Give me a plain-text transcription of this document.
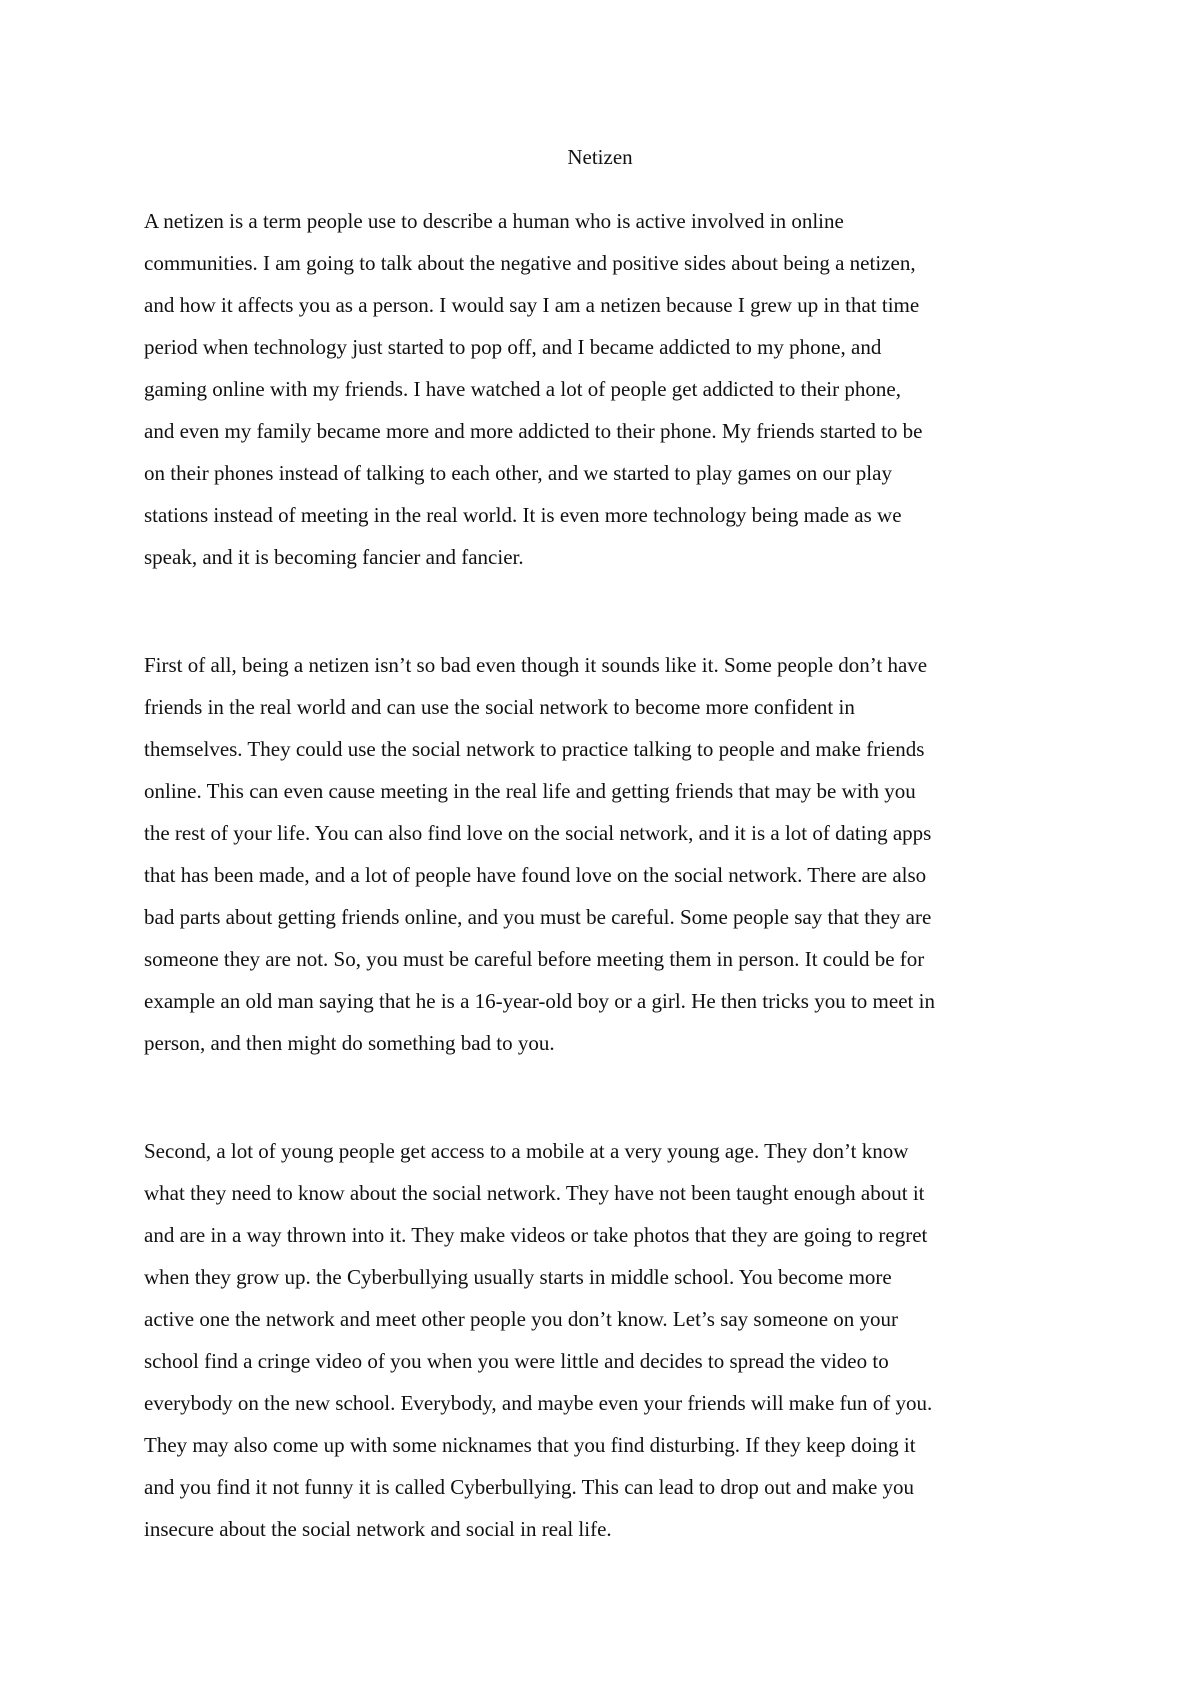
Netizen

A netizen is a term people use to describe a human who is active involved in online
communities. I am going to talk about the negative and positive sides about being a netizen,
and how it affects you as a person. I would say I am a netizen because I grew up in that time
period when technology just started to pop off, and I became addicted to my phone, and
gaming online with my friends. I have watched a lot of people get addicted to their phone,
and even my family became more and more addicted to their phone. My friends started to be
on their phones instead of talking to each other, and we started to play games on our play
stations instead of meeting in the real world. It is even more technology being made as we
speak, and it is becoming fancier and fancier.

First of all, being a netizen isn’t so bad even though it sounds like it. Some people don’t have
friends in the real world and can use the social network to become more confident in
themselves. They could use the social network to practice talking to people and make friends
online. This can even cause meeting in the real life and getting friends that may be with you
the rest of your life. You can also find love on the social network, and it is a lot of dating apps
that has been made, and a lot of people have found love on the social network. There are also
bad parts about getting friends online, and you must be careful. Some people say that they are
someone they are not. So, you must be careful before meeting them in person. It could be for
example an old man saying that he is a 16-year-old boy or a girl. He then tricks you to meet in
person, and then might do something bad to you.

Second, a lot of young people get access to a mobile at a very young age. They don’t know
what they need to know about the social network. They have not been taught enough about it
and are in a way thrown into it. They make videos or take photos that they are going to regret
when they grow up. the Cyberbullying usually starts in middle school. You become more
active one the network and meet other people you don’t know. Let’s say someone on your
school find a cringe video of you when you were little and decides to spread the video to
everybody on the new school. Everybody, and maybe even your friends will make fun of you.
They may also come up with some nicknames that you find disturbing. If they keep doing it
and you find it not funny it is called Cyberbullying. This can lead to drop out and make you
insecure about the social network and social in real life.
